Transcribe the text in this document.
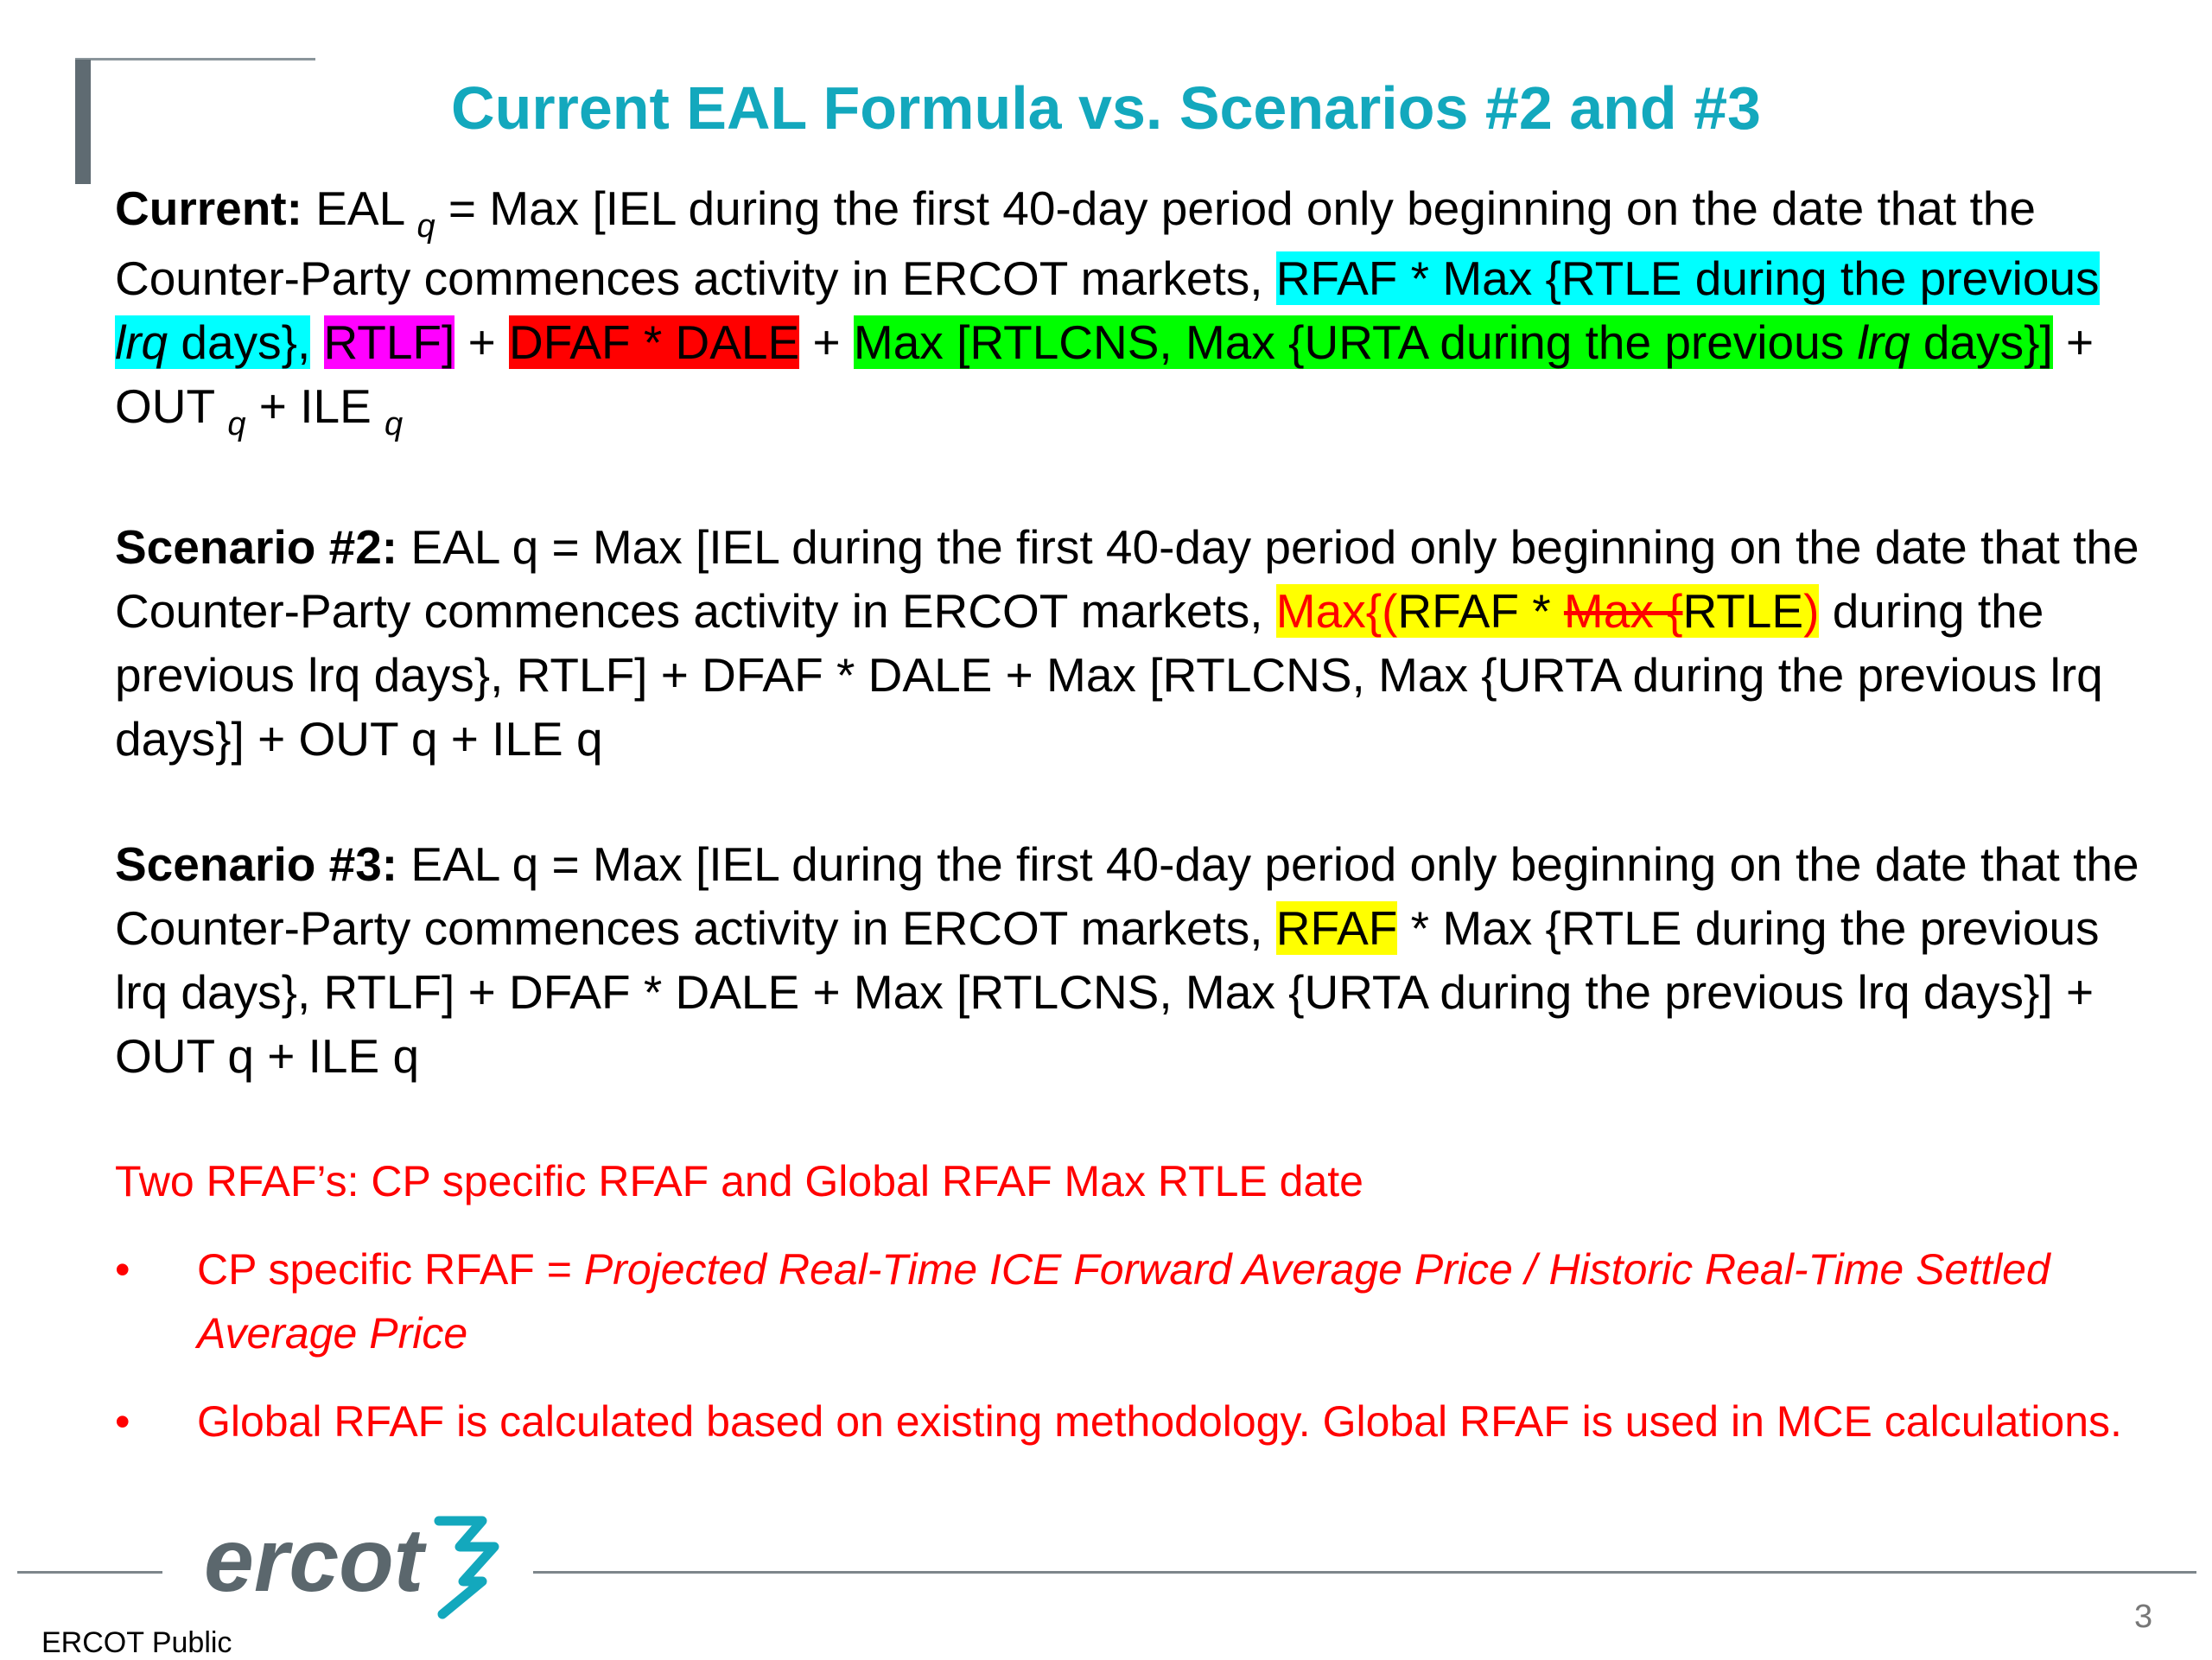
Current EAL Formula vs. Scenarios #2 and #3
Current: EAL $_q$ = Max [IEL during the first 40-day period only beginning on the date that the Counter-Party commences activity in ERCOT markets, RFAF * Max {RTLE during the previous lrq days}, RTLF] + DFAF * DALE + Max [RTLCNS, Max {URTA during the previous lrq days}] + OUT $_q$ + ILE $_q$
Scenario #2: EAL q = Max [IEL during the first 40-day period only beginning on the date that the Counter-Party commences activity in ERCOT markets, Max{(RFAF * Max {RTLE) during the previous lrq days}, RTLF] + DFAF * DALE + Max [RTLCNS, Max {URTA during the previous lrq days}] + OUT q + ILE q
Scenario #3: EAL q = Max [IEL during the first 40-day period only beginning on the date that the Counter-Party commences activity in ERCOT markets, RFAF * Max {RTLE during the previous lrq days}, RTLF] + DFAF * DALE + Max [RTLCNS, Max {URTA during the previous lrq days}] + OUT q + ILE q
Two RFAF’s: CP specific RFAF and Global RFAF Max RTLE date
• CP specific RFAF = Projected Real-Time ICE Forward Average Price / Historic Real-Time Settled Average Price
• Global RFAF is calculated based on existing methodology. Global RFAF is used in MCE calculations.
ercot
ERCOT Public
3
